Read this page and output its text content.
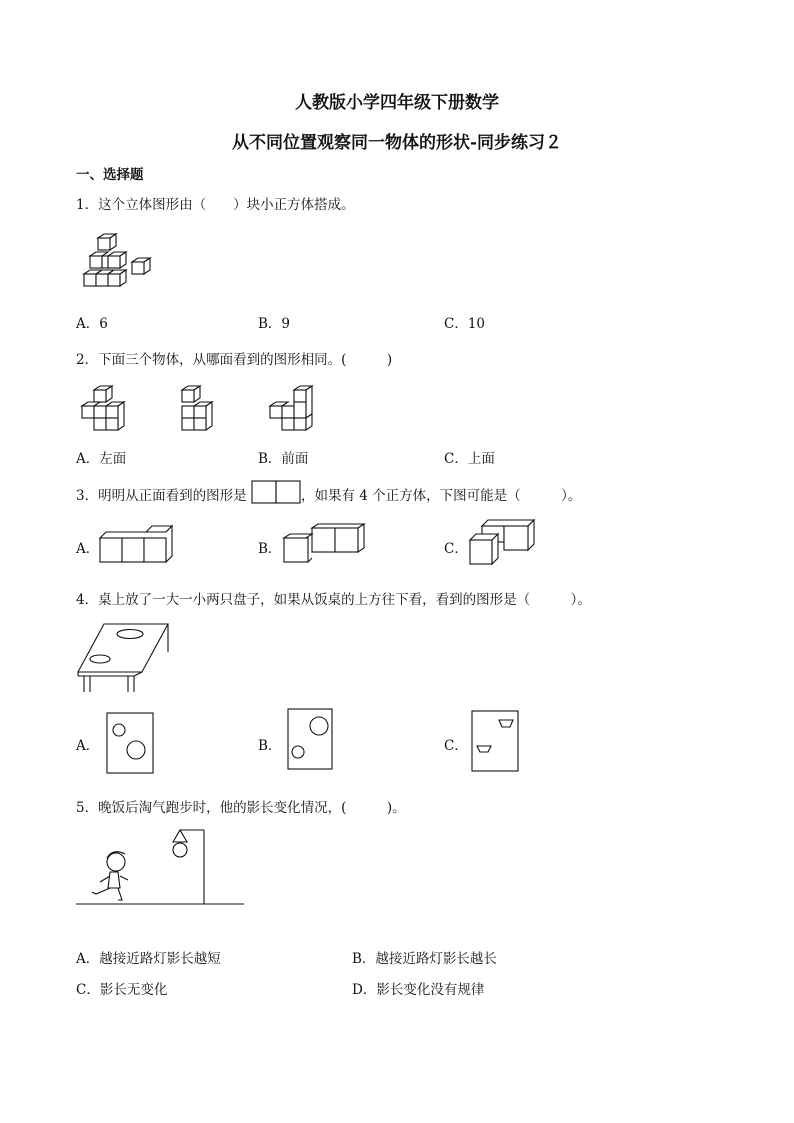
人教版小学四年级下册数学
从不同位置观察同一物体的形状-同步练习２
一、选择题
1．这个立体图形由（　　）块小正方体搭成。
A．6	B．9	C．10
2．下面三个物体，从哪面看到的图形相同。(　　　)
A．左面	B．前面	C．上面
3．明明从正面看到的图形是	，如果有 4 个正方体，下图可能是（　　　）。
A．	B．	C．
4．桌上放了一大一小两只盘子，如果从饭桌的上方往下看，看到的图形是（　　　）。
A．	B．	C．
5．晚饭后淘气跑步时，他的影长变化情况，(　　　)。
A．越接近路灯影长越短	B．越接近路灯影长越长
C．影长无变化	D．影长变化没有规律
